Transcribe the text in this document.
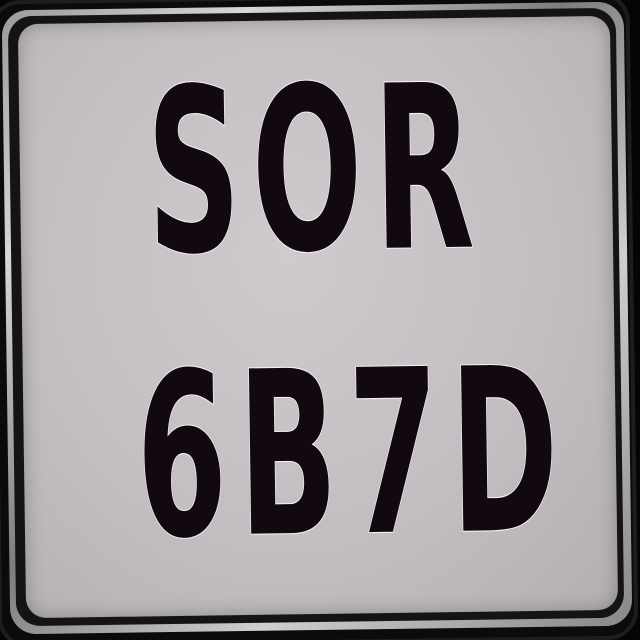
SOR
6B7D
